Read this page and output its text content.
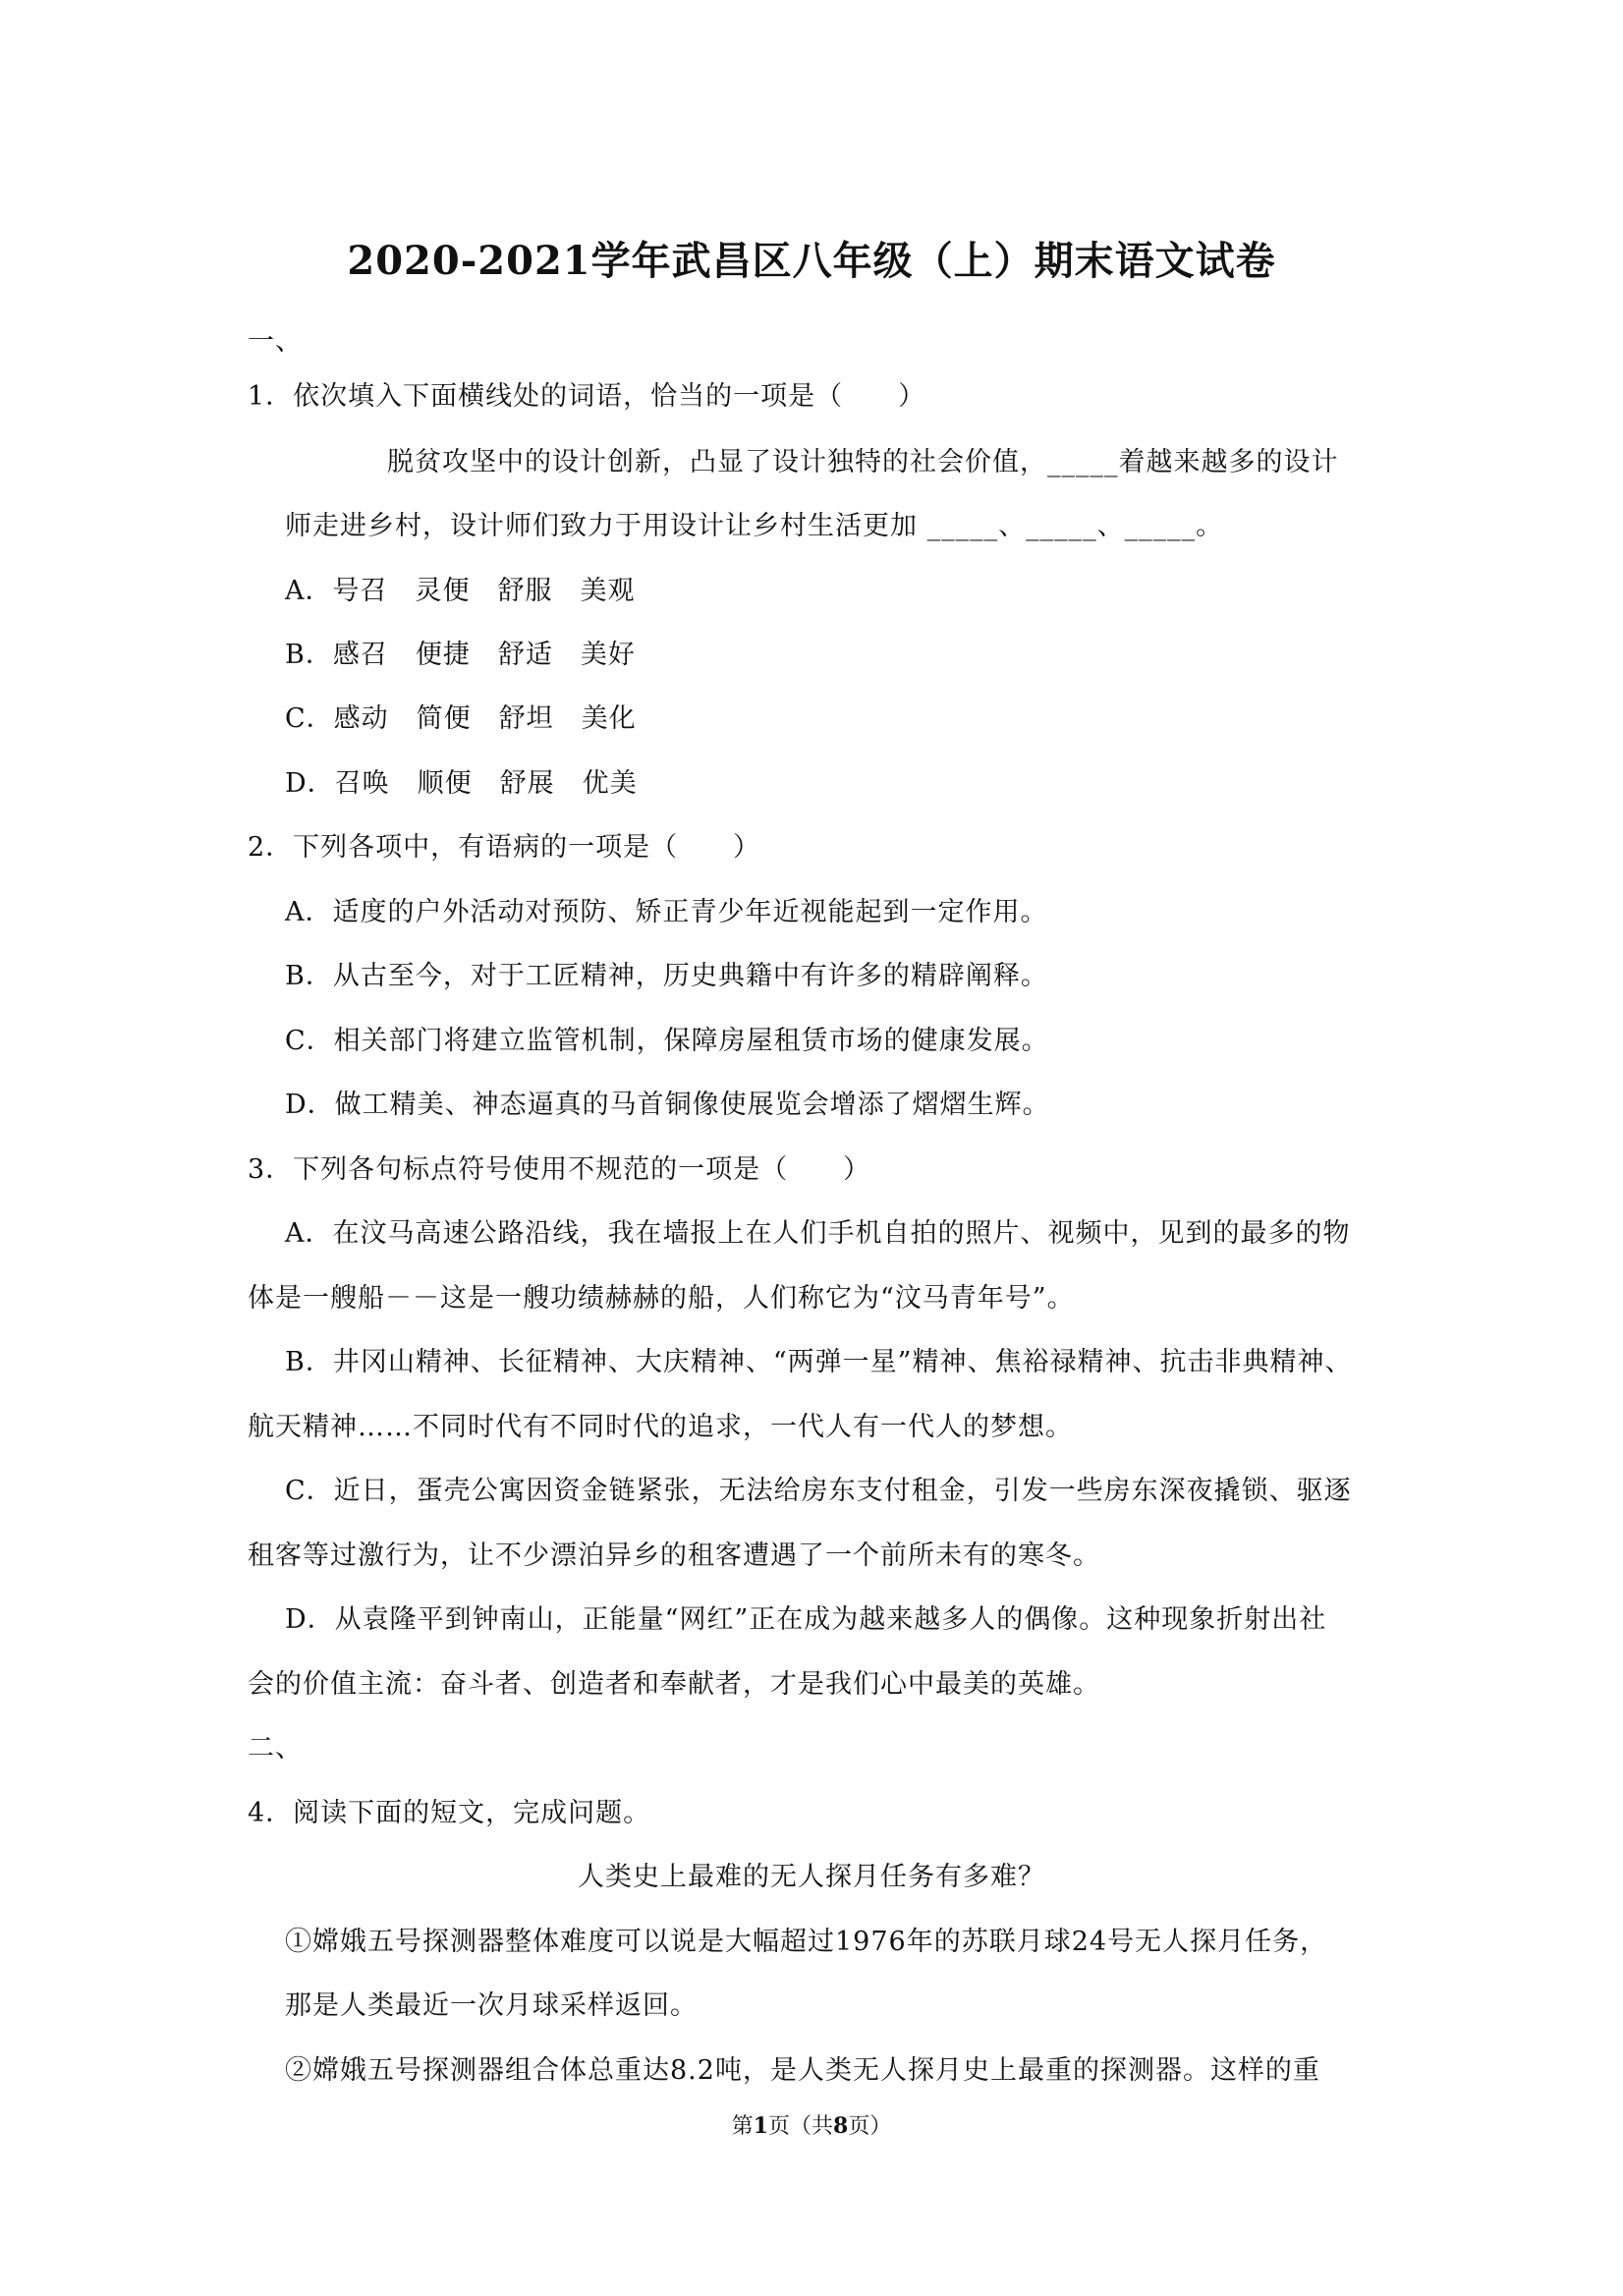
2020-2021学年武昌区八年级（上）期末语文试卷
一、
1．依次填入下面横线处的词语，恰当的一项是（　　）
脱贫攻坚中的设计创新，凸显了设计独特的社会价值，_____着越来越多的设计
师走进乡村，设计师们致力于用设计让乡村生活更加 _____、_____、_____。
A．号召　灵便　舒服　美观
B．感召　便捷　舒适　美好
C．感动　简便　舒坦　美化
D．召唤　顺便　舒展　优美
2．下列各项中，有语病的一项是（　　）
A．适度的户外活动对预防、矫正青少年近视能起到一定作用。
B．从古至今，对于工匠精神，历史典籍中有许多的精辟阐释。
C．相关部门将建立监管机制，保障房屋租赁市场的健康发展。
D．做工精美、神态逼真的马首铜像使展览会增添了熠熠生辉。
3．下列各句标点符号使用不规范的一项是（　　）
A．在汶马高速公路沿线，我在墙报上在人们手机自拍的照片、视频中，见到的最多的物
体是一艘船－－这是一艘功绩赫赫的船，人们称它为“汶马青年号”。
B．井冈山精神、长征精神、大庆精神、“两弹一星”精神、焦裕禄精神、抗击非典精神、
航天精神……不同时代有不同时代的追求，一代人有一代人的梦想。
C．近日，蛋壳公寓因资金链紧张，无法给房东支付租金，引发一些房东深夜撬锁、驱逐
租客等过激行为，让不少漂泊异乡的租客遭遇了一个前所未有的寒冬。
D．从袁隆平到钟南山，正能量“网红”正在成为越来越多人的偶像。这种现象折射出社
会的价值主流：奋斗者、创造者和奉献者，才是我们心中最美的英雄。
二、
4．阅读下面的短文，完成问题。
人类史上最难的无人探月任务有多难？
①嫦娥五号探测器整体难度可以说是大幅超过1976年的苏联月球24号无人探月任务，
那是人类最近一次月球采样返回。
②嫦娥五号探测器组合体总重达8.2吨，是人类无人探月史上最重的探测器。这样的重
第1页（共8页）
